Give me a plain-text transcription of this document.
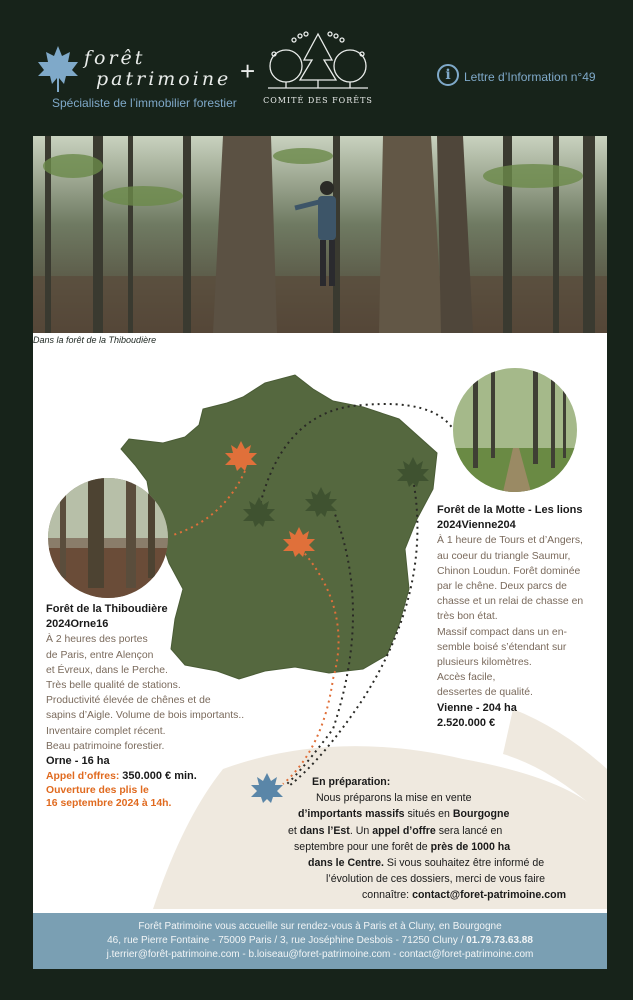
forêt
patrimoine
Spécialiste de l’immobilier forestier
+
COMITÉ DES FORÊTS
i	Lettre d’Information n°49
Dans la forêt de la Thiboudière
Forêt de la Thiboudière
2024Orne16
À 2 heures des portes
de Paris, entre Alençon
et Évreux, dans le Perche.
Très belle qualité de stations.
Productivité élevée de chênes et de
sapins d’Aigle. Volume de bois importants..
Inventaire complet récent.
Beau patrimoine forestier.
Orne - 16 ha
Appel d’offres: 350.000 € min.
Ouverture des plis le
16 septembre 2024 à 14h.
Forêt de la Motte - Les lions
2024Vienne204
À 1 heure de Tours et d’Angers,
au coeur du triangle Saumur,
Chinon Loudun. Forêt dominée
par le chêne. Deux parcs de
chasse et un relai de chasse en
très bon état.
Massif compact dans un en-
semble boisé s’étendant sur
plusieurs kilomètres.
Accès facile,
dessertes de qualité.
Vienne - 204 ha
2.520.000 €
En préparation:
Nous préparons la mise en vente
d’importants massifs situés en Bourgogne
et dans l’Est. Un appel d’offre sera lancé en
septembre pour une forêt de près de 1000 ha
dans le Centre. Si vous souhaitez être informé de
l’évolution de ces dossiers, merci de vous faire
connaître: contact@foret-patrimoine.com
Forêt Patrimoine vous accueille sur rendez-vous à Paris et à Cluny, en Bourgogne
46, rue Pierre Fontaine - 75009 Paris / 3, rue Joséphine Desbois - 71250 Cluny / 01.79.73.63.88
j.terrier@forêt-patrimoine.com - b.loiseau@foret-patrimoine.com - contact@foret-patrimoine.com
